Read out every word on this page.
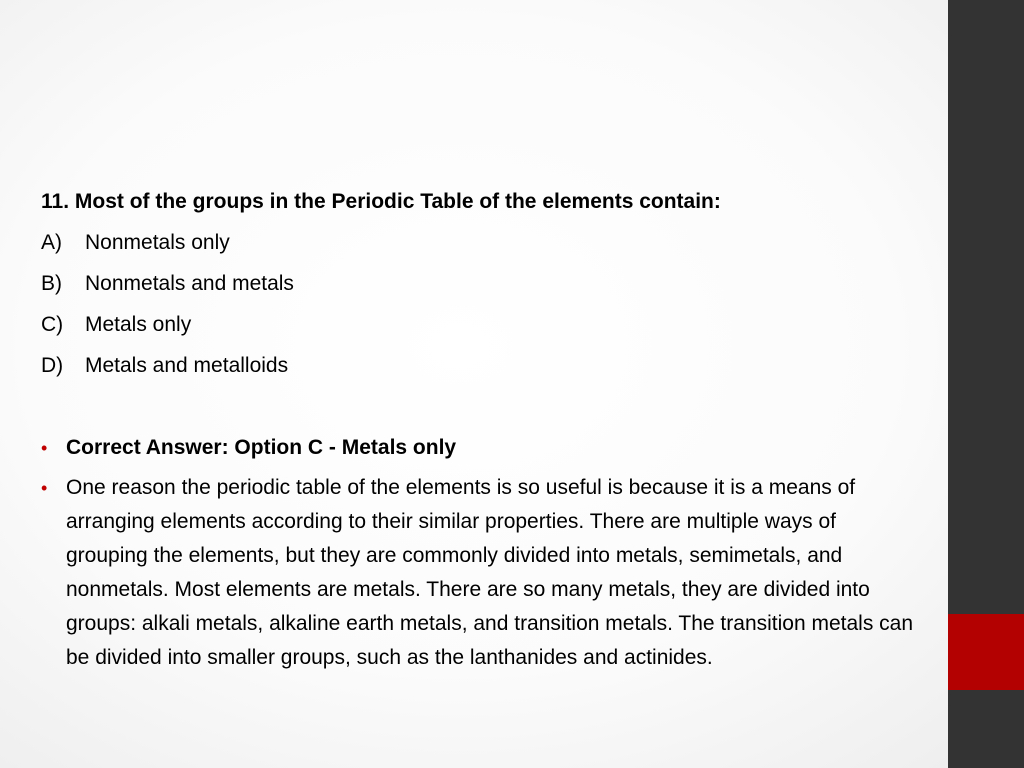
11. Most of the groups in the Periodic Table of the elements contain:
A) Nonmetals only
B) Nonmetals and metals
C) Metals only
D) Metals and metalloids
• Correct Answer: Option C - Metals only
• One reason the periodic table of the elements is so useful is because it is a means of arranging elements according to their similar properties. There are multiple ways of grouping the elements, but they are commonly divided into metals, semimetals, and nonmetals. Most elements are metals. There are so many metals, they are divided into groups: alkali metals, alkaline earth metals, and transition metals. The transition metals can be divided into smaller groups, such as the lanthanides and actinides.
